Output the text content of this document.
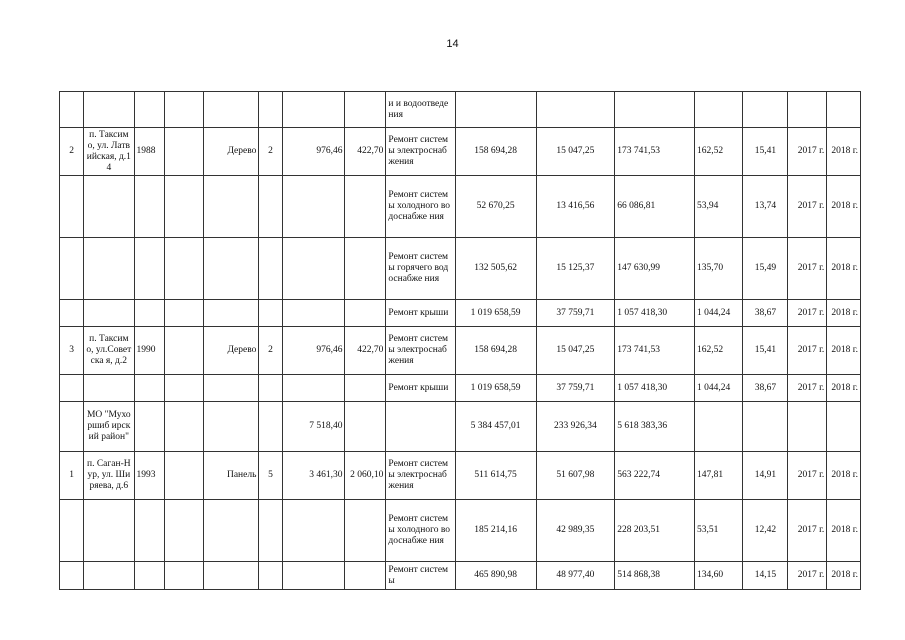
14
								и и водоотведе ния							
2	п. Таксимо, ул. Латвийская, д.14	1988		Дерево	2	976,46	422,70	Ремонт системы электроснаб жения	158 694,28	15 047,25	173 741,53	162,52	15,41	2017 г.	2018 г.
								Ремонт системы холодного водоснабже ния	52 670,25	13 416,56	66 086,81	53,94	13,74	2017 г.	2018 г.
								Ремонт системы горячего водоснабже ния	132 505,62	15 125,37	147 630,99	135,70	15,49	2017 г.	2018 г.
								Ремонт крыши	1 019 658,59	37 759,71	1 057 418,30	1 044,24	38,67	2017 г.	2018 г.
3	п. Таксимо, ул.Советска я, д.2	1990		Дерево	2	976,46	422,70	Ремонт системы электроснаб жения	158 694,28	15 047,25	173 741,53	162,52	15,41	2017 г.	2018 г.
								Ремонт крыши	1 019 658,59	37 759,71	1 057 418,30	1 044,24	38,67	2017 г.	2018 г.
	МО "Мухоршиб ирский район"					7 518,40			5 384 457,01	233 926,34	5 618 383,36				
1	п. Саган-Нур, ул. Ширяева, д.6	1993		Панель	5	3 461,30	2 060,10	Ремонт системы электроснаб жения	511 614,75	51 607,98	563 222,74	147,81	14,91	2017 г.	2018 г.
								Ремонт системы холодного водоснабже ния	185 214,16	42 989,35	228 203,51	53,51	12,42	2017 г.	2018 г.
								Ремонт системы	465 890,98	48 977,40	514 868,38	134,60	14,15	2017 г.	2018 г.
